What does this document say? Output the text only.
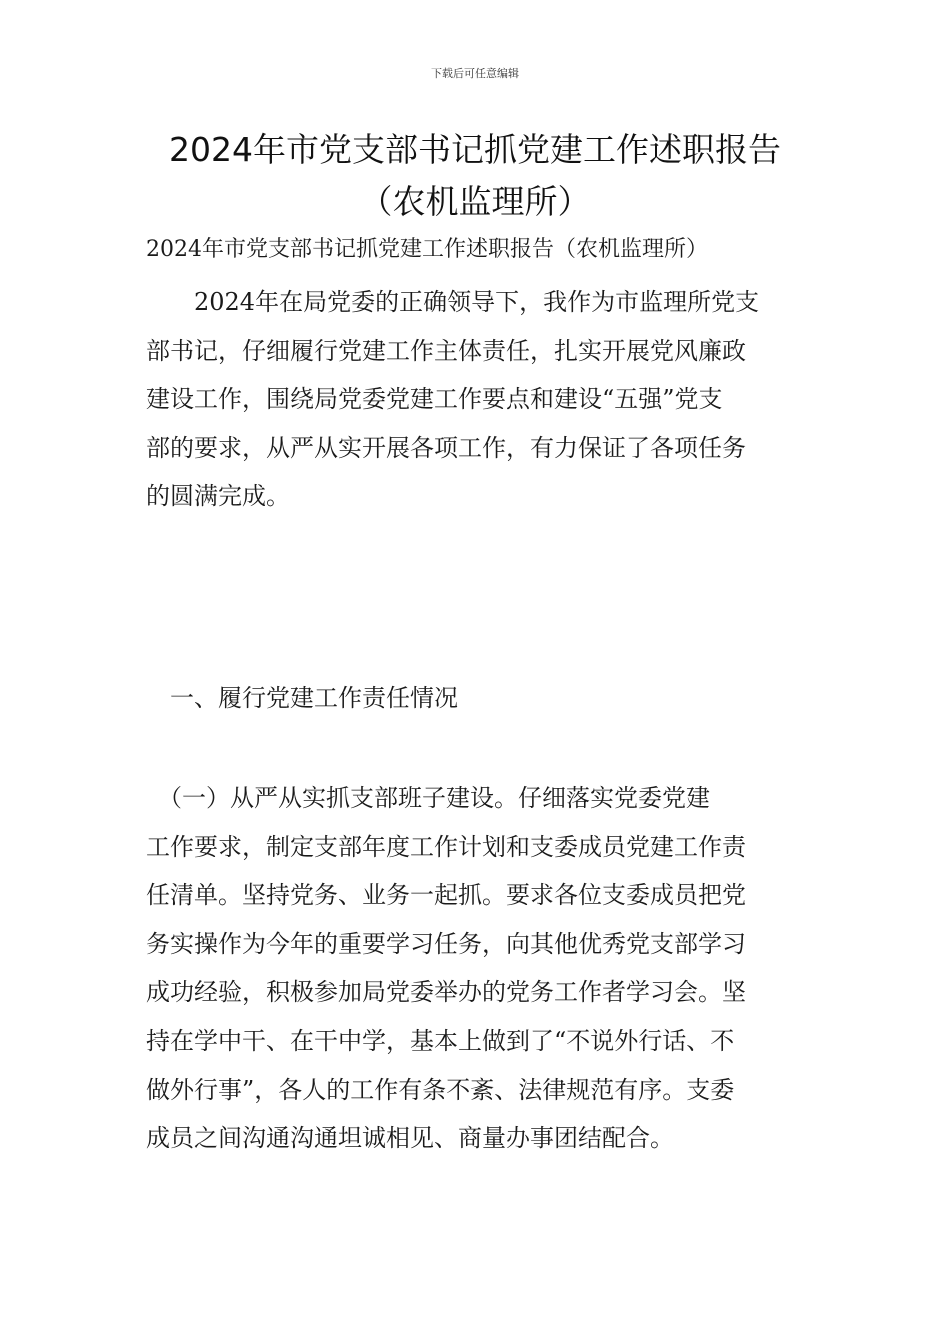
下载后可任意编辑
2024年市党支部书记抓党建工作述职报告
（农机监理所）
2024年市党支部书记抓党建工作述职报告（农机监理所）
　　2024年在局党委的正确领导下，我作为市监理所党支
部书记，仔细履行党建工作主体责任，扎实开展党风廉政
建设工作，围绕局党委党建工作要点和建设“五强”党支
部的要求，从严从实开展各项工作，有力保证了各项任务
的圆满完成。
　一、履行党建工作责任情况
　（一）从严从实抓支部班子建设。仔细落实党委党建
工作要求，制定支部年度工作计划和支委成员党建工作责
任清单。坚持党务、业务一起抓。要求各位支委成员把党
务实操作为今年的重要学习任务，向其他优秀党支部学习
成功经验，积极参加局党委举办的党务工作者学习会。坚
持在学中干、在干中学，基本上做到了“不说外行话、不
做外行事”，各人的工作有条不紊、法律规范有序。支委
成员之间沟通沟通坦诚相见、商量办事团结配合。
